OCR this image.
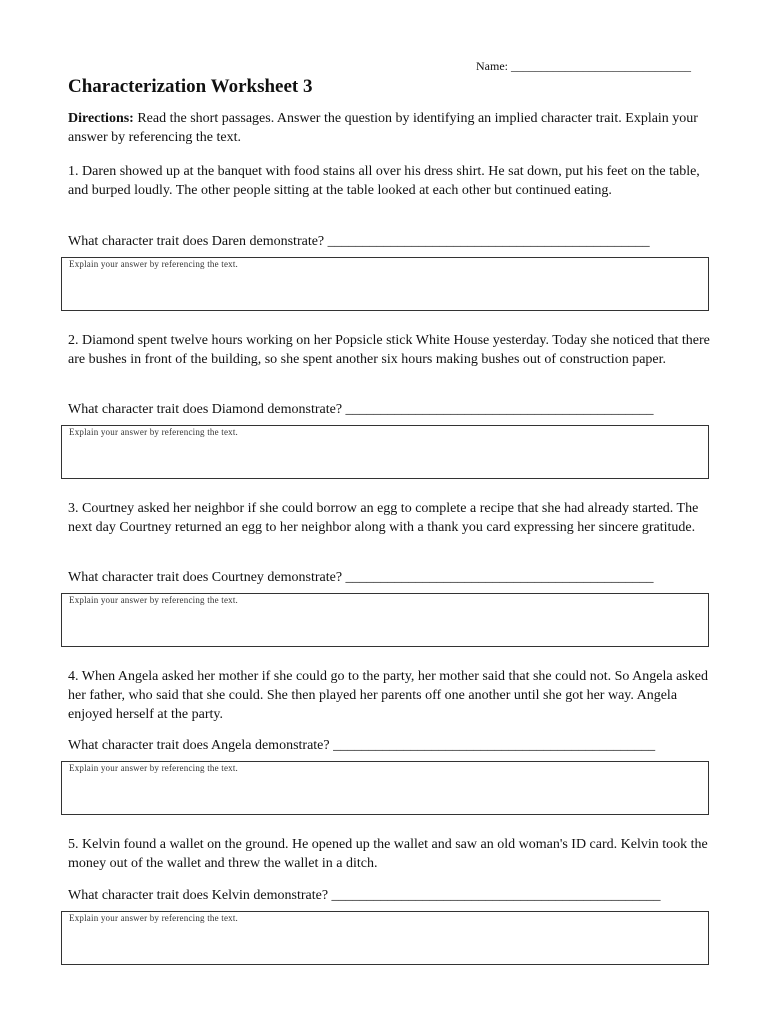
Name: ______________________________
Characterization Worksheet 3
Directions: Read the short passages. Answer the question by identifying an implied character trait. Explain your answer by referencing the text.

1. Daren showed up at the banquet with food stains all over his dress shirt. He sat down, put his feet on the table, and burped loudly. The other people sitting at the table looked at each other but continued eating.

What character trait does Daren demonstrate? ______________________________________________
Explain your answer by referencing the text.

2. Diamond spent twelve hours working on her Popsicle stick White House yesterday. Today she noticed that there are bushes in front of the building, so she spent another six hours making bushes out of construction paper.

What character trait does Diamond demonstrate? ____________________________________________
Explain your answer by referencing the text.

3. Courtney asked her neighbor if she could borrow an egg to complete a recipe that she had already started. The next day Courtney returned an egg to her neighbor along with a thank you card expressing her sincere gratitude.

What character trait does Courtney demonstrate? ____________________________________________
Explain your answer by referencing the text.

4. When Angela asked her mother if she could go to the party, her mother said that she could not. So Angela asked her father, who said that she could. She then played her parents off one another until she got her way. Angela enjoyed herself at the party.

What character trait does Angela demonstrate? ______________________________________________
Explain your answer by referencing the text.

5. Kelvin found a wallet on the ground. He opened up the wallet and saw an old woman's ID card. Kelvin took the money out of the wallet and threw the wallet in a ditch.

What character trait does Kelvin demonstrate? _______________________________________________
Explain your answer by referencing the text.
